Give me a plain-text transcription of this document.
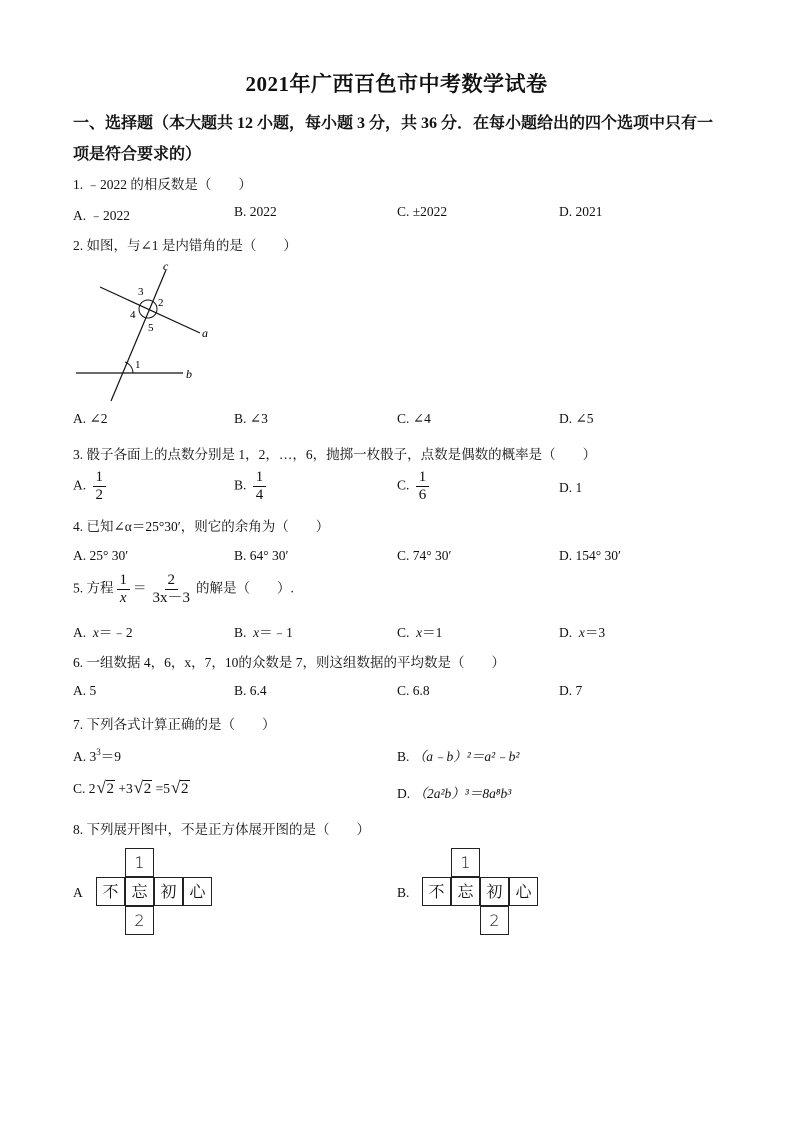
2021年广西百色市中考数学试卷
一、选择题（本大题共 12 小题，每小题 3 分，共 36 分．在每小题给出的四个选项中只有一
项是符合要求的）
1. ﹣2022 的相反数是（　　）
A. ﹣2022	B. 2022	C. ±2022	D. 2021
2. 如图，与∠1 是内错角的是（　　）
c
a
b
3
2
4
5
1
A. ∠2	B. ∠3	C. ∠4	D. ∠5
3. 骰子各面上的点数分别是 1，2，…，6，抛掷一枚骰子，点数是偶数的概率是（　　）
A. $\frac{1}{2}$	B. $\frac{1}{4}$	C. $\frac{1}{6}$	D. 1
4. 已知∠α＝25°30′，则它的余角为（　　）
A. 25° 30′	B. 64° 30′	C. 74° 30′	D. 154° 30′
5. 方程 $\frac{1}{x} = \frac{2}{3x-3}$ 的解是（　　）.
A. x＝﹣2	B. x＝﹣1	C. x＝1	D. x＝3
6. 一组数据 4，6，x，7，10的众数是 7，则这组数据的平均数是（　　）
A. 5	B. 6.4	C. 6.8	D. 7
7. 下列各式计算正确的是（　　）
A. $3^3=9$	B. （a﹣b）²＝a²﹣b²
C. 2 √ 2 +3 √ 2 =5 √ 2	D. （2a²b）³＝8a⁸b³
8. 下列展开图中，不是正方体展开图的是（　　）
A
1
不 忘 初 心
2
B.
1
不 忘 初 心
2
